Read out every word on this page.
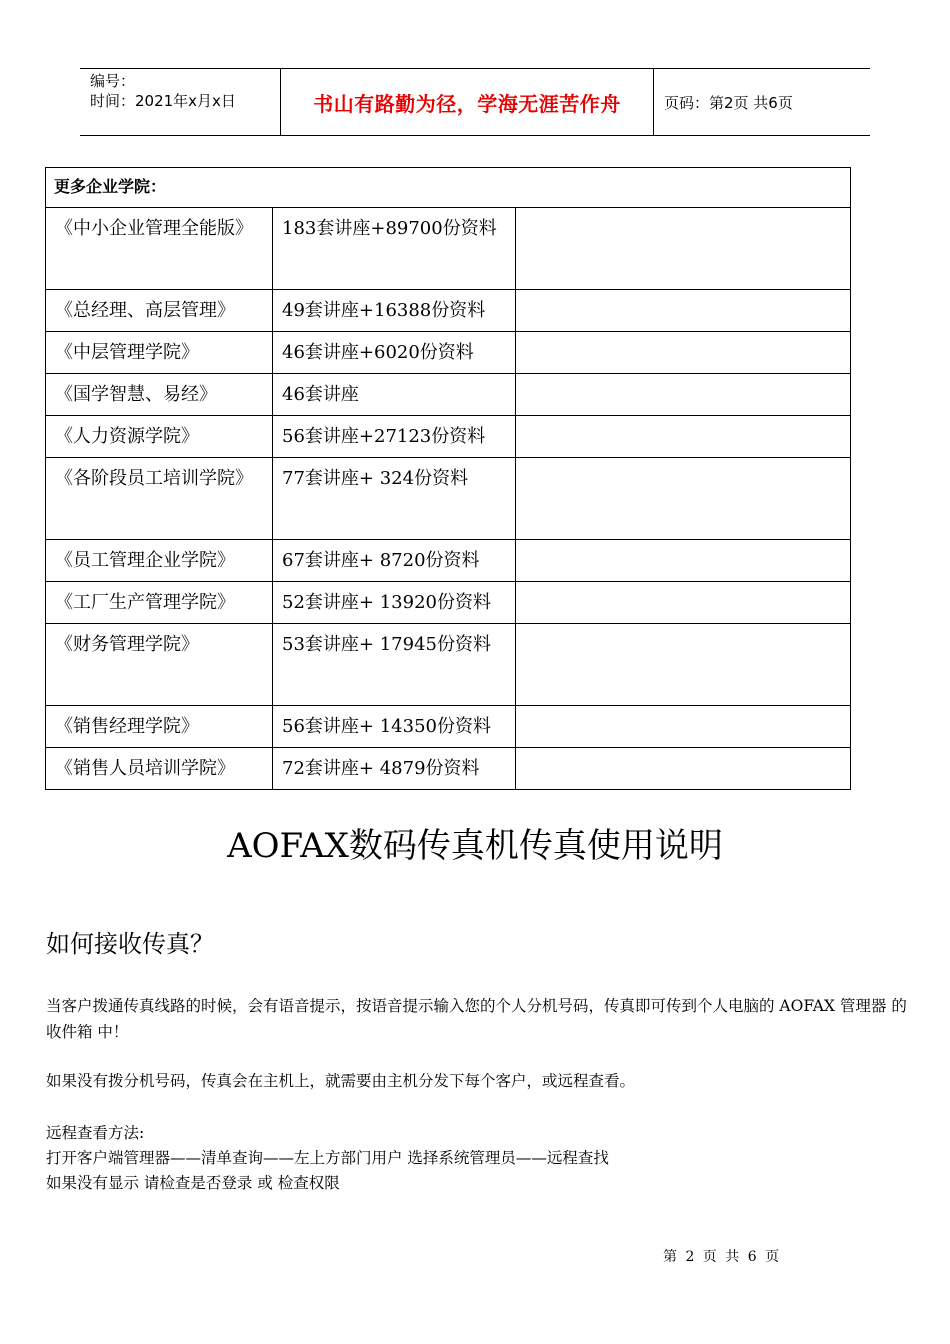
编号：
时间：2021年x月x日	书山有路勤为径，学海无涯苦作舟	页码：第2页 共6页
更多企业学院：		
《中小企业管理全能版》	183套讲座+89700份资料	
《总经理、高层管理》	49套讲座+16388份资料	
《中层管理学院》	46套讲座+6020份资料	
《国学智慧、易经》	46套讲座	
《人力资源学院》	56套讲座+27123份资料	
《各阶段员工培训学院》	77套讲座+ 324份资料	
《员工管理企业学院》	67套讲座+ 8720份资料	
《工厂生产管理学院》	52套讲座+ 13920份资料	
《财务管理学院》	53套讲座+ 17945份资料	
《销售经理学院》	56套讲座+ 14350份资料	
《销售人员培训学院》	72套讲座+ 4879份资料	
AOFAX数码传真机传真使用说明
如何接收传真？
当客户拨通传真线路的时候，会有语音提示，按语音提示输入您的个人分机号码，传真即可传到个人电脑的 AOFAX 管理器 的收件箱 中！
如果没有拨分机号码，传真会在主机上，就需要由主机分发下每个客户，或远程查看。
远程查看方法:
打开客户端管理器——清单查询——左上方部门用户 选择系统管理员——远程查找
如果没有显示 请检查是否登录 或 检查权限
第 2 页 共 6 页
